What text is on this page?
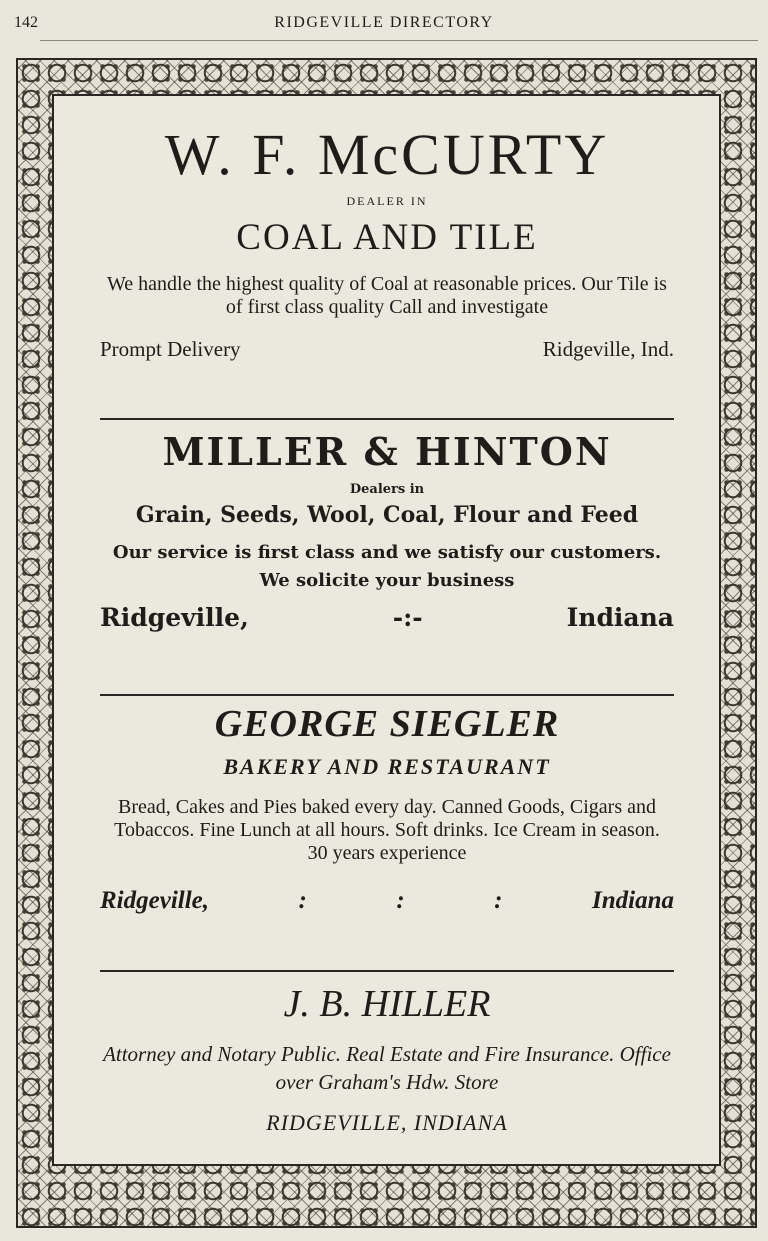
142	RIDGEVILLE DIRECTORY
W. F. McCURTY
DEALER IN
COAL AND TILE
We handle the highest quality of Coal at reasonable prices. Our Tile is of first class quality Call and investigate
Prompt Delivery	Ridgeville, Ind.
MILLER & HINTON
Dealers in
Grain, Seeds, Wool, Coal, Flour and Feed
Our service is first class and we satisfy our customers. We solicite your business
Ridgeville,	-:-	Indiana
GEORGE SIEGLER
BAKERY AND RESTAURANT
Bread, Cakes and Pies baked every day. Canned Goods, Cigars and Tobaccos. Fine Lunch at all hours. Soft drinks. Ice Cream in season.
30 years experience
Ridgeville,	:	:	:	Indiana
J. B. HILLER
Attorney and Notary Public. Real Estate and Fire Insurance. Office over Graham's Hdw. Store
RIDGEVILLE, INDIANA
